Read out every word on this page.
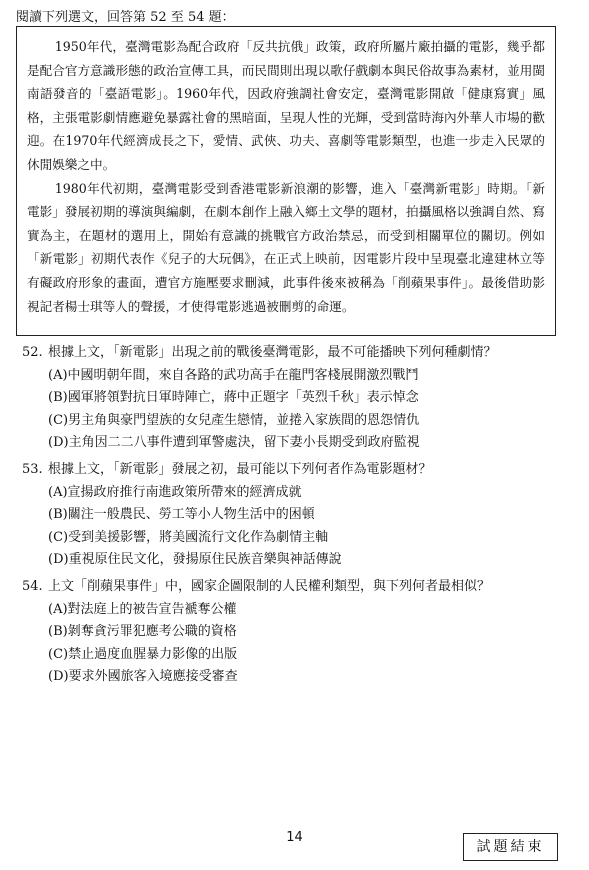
閱讀下列選文，回答第 52 至 54 題：

1950年代，臺灣電影為配合政府「反共抗俄」政策，政府所屬片廠拍攝的電影，幾乎都是配合官方意識形態的政治宣傳工具，而民間則出現以歌仔戲劇本與民俗故事為素材，並用閩南語發音的「臺語電影」。1960年代，因政府強調社會安定，臺灣電影開啟「健康寫實」風格，主張電影劇情應避免暴露社會的黑暗面，呈現人性的光輝，受到當時海內外華人市場的歡迎。在1970年代經濟成長之下，愛情、武俠、功夫、喜劇等電影類型，也進一步走入民眾的休閒娛樂之中。

1980年代初期，臺灣電影受到香港電影新浪潮的影響，進入「臺灣新電影」時期。「新電影」發展初期的導演與編劇，在劇本創作上融入鄉土文學的題材，拍攝風格以強調自然、寫實為主，在題材的選用上，開始有意識的挑戰官方政治禁忌，而受到相關單位的關切。例如「新電影」初期代表作《兒子的大玩偶》，在正式上映前，因電影片段中呈現臺北違建林立等有礙政府形象的畫面，遭官方施壓要求刪減，此事件後來被稱為「削蘋果事件」。最後借助影視記者楊士琪等人的聲援，才使得電影逃過被刪剪的命運。

52. 根據上文，「新電影」出現之前的戰後臺灣電影，最不可能播映下列何種劇情？
(A)中國明朝年間，來自各路的武功高手在龍門客棧展開激烈戰鬥
(B)國軍將領對抗日軍時陣亡，蔣中正題字「英烈千秋」表示悼念
(C)男主角與豪門望族的女兒產生戀情，並捲入家族間的恩怨情仇
(D)主角因二二八事件遭到軍警處決，留下妻小長期受到政府監視
53. 根據上文，「新電影」發展之初，最可能以下列何者作為電影題材？
(A)宣揚政府推行南進政策所帶來的經濟成就
(B)關注一般農民、勞工等小人物生活中的困頓
(C)受到美援影響，將美國流行文化作為劇情主軸
(D)重視原住民文化，發揚原住民族音樂與神話傳說
54. 上文「削蘋果事件」中，國家企圖限制的人民權利類型，與下列何者最相似？
(A)對法庭上的被告宣告褫奪公權
(B)剝奪貪污罪犯應考公職的資格
(C)禁止過度血腥暴力影像的出版
(D)要求外國旅客入境應接受審查
14
試題結束
